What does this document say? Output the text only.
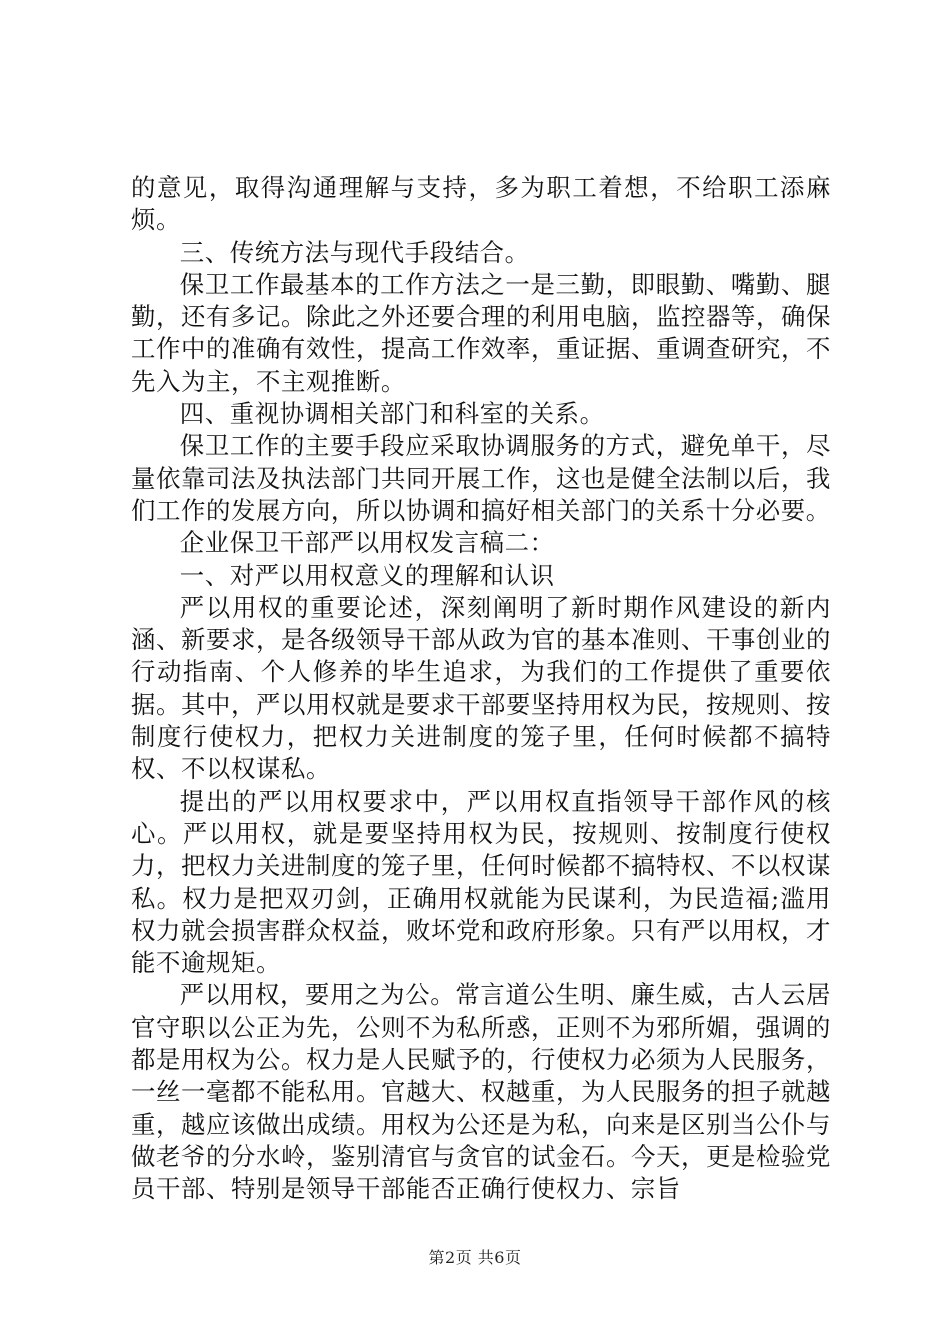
的意见，取得沟通理解与支持，多为职工着想，不给职工添麻烦。

三、传统方法与现代手段结合。

保卫工作最基本的工作方法之一是三勤，即眼勤、嘴勤、腿勤，还有多记。除此之外还要合理的利用电脑，监控器等，确保工作中的准确有效性，提高工作效率，重证据、重调查研究，不先入为主，不主观推断。

四、重视协调相关部门和科室的关系。

保卫工作的主要手段应采取协调服务的方式，避免单干，尽量依靠司法及执法部门共同开展工作，这也是健全法制以后，我们工作的发展方向，所以协调和搞好相关部门的关系十分必要。

企业保卫干部严以用权发言稿二：

一、对严以用权意义的理解和认识

严以用权的重要论述，深刻阐明了新时期作风建设的新内涵、新要求，是各级领导干部从政为官的基本准则、干事创业的行动指南、个人修养的毕生追求，为我们的工作提供了重要依据。其中，严以用权就是要求干部要坚持用权为民，按规则、按制度行使权力，把权力关进制度的笼子里，任何时候都不搞特权、不以权谋私。

提出的严以用权要求中，严以用权直指领导干部作风的核心。严以用权，就是要坚持用权为民，按规则、按制度行使权力，把权力关进制度的笼子里，任何时候都不搞特权、不以权谋私。权力是把双刃剑，正确用权就能为民谋利，为民造福;滥用权力就会损害群众权益，败坏党和政府形象。只有严以用权，才能不逾规矩。

严以用权，要用之为公。常言道公生明、廉生威，古人云居官守职以公正为先，公则不为私所惑，正则不为邪所媚，强调的都是用权为公。权力是人民赋予的，行使权力必须为人民服务，一丝一毫都不能私用。官越大、权越重，为人民服务的担子就越重，越应该做出成绩。用权为公还是为私，向来是区别当公仆与做老爷的分水岭，鉴别清官与贪官的试金石。今天，更是检验党员干部、特别是领导干部能否正确行使权力、宗旨

第2页 共6页
